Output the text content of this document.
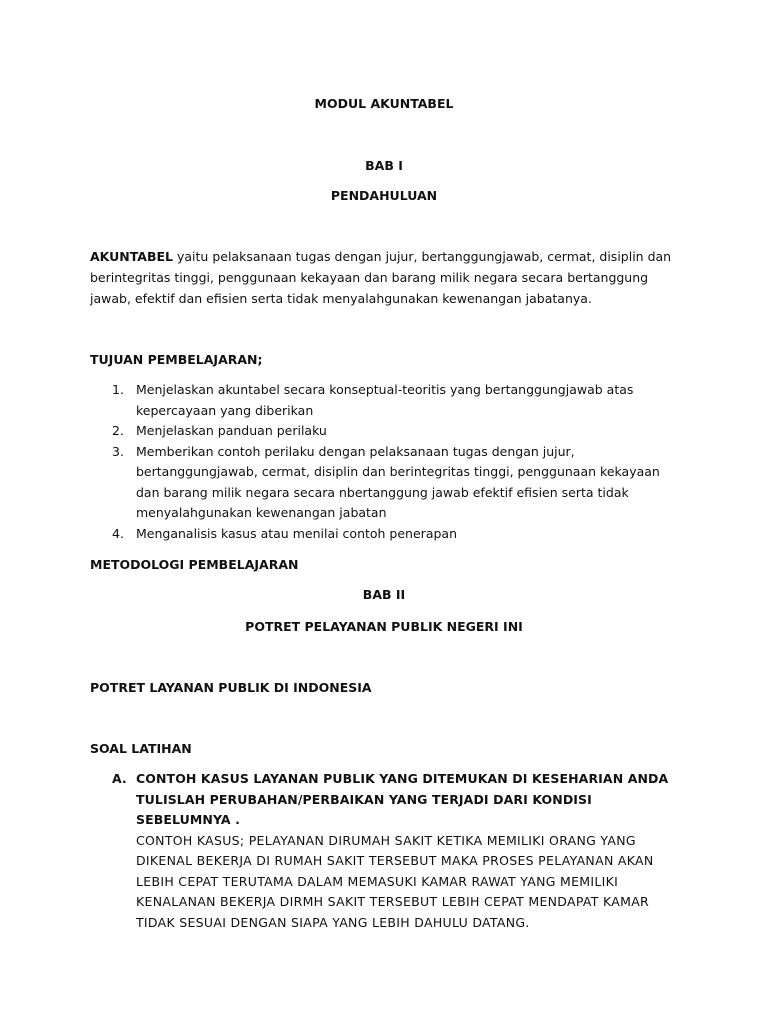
MODUL AKUNTABEL
BAB I
PENDAHULUAN
AKUNTABEL yaitu pelaksanaan tugas dengan jujur, bertanggungjawab, cermat, disiplin dan berintegritas tinggi, penggunaan kekayaan dan barang milik negara secara bertanggung jawab, efektif dan efisien serta tidak menyalahgunakan kewenangan jabatanya.
TUJUAN PEMBELAJARAN;
1. Menjelaskan akuntabel secara konseptual-teoritis yang bertanggungjawab atas kepercayaan yang diberikan
2. Menjelaskan panduan perilaku
3. Memberikan contoh perilaku dengan pelaksanaan tugas dengan jujur, bertanggungjawab, cermat, disiplin dan berintegritas tinggi, penggunaan kekayaan dan barang milik negara secara nbertanggung jawab efektif efisien serta tidak menyalahgunakan kewenangan jabatan
4. Menganalisis kasus atau menilai contoh penerapan
METODOLOGI PEMBELAJARAN
BAB II
POTRET PELAYANAN PUBLIK NEGERI INI
POTRET LAYANAN PUBLIK DI INDONESIA
SOAL LATIHAN
A. CONTOH KASUS LAYANAN PUBLIK YANG DITEMUKAN DI KESEHARIAN ANDA TULISLAH PERUBAHAN/PERBAIKAN YANG TERJADI DARI KONDISI SEBELUMNYA .
CONTOH KASUS; PELAYANAN DIRUMAH SAKIT KETIKA MEMILIKI ORANG YANG DIKENAL BEKERJA DI RUMAH SAKIT TERSEBUT MAKA PROSES PELAYANAN AKAN LEBIH CEPAT TERUTAMA DALAM MEMASUKI KAMAR RAWAT YANG MEMILIKI KENALANAN BEKERJA DIRMH SAKIT TERSEBUT LEBIH CEPAT MENDAPAT KAMAR TIDAK SESUAI DENGAN SIAPA YANG LEBIH DAHULU DATANG.
